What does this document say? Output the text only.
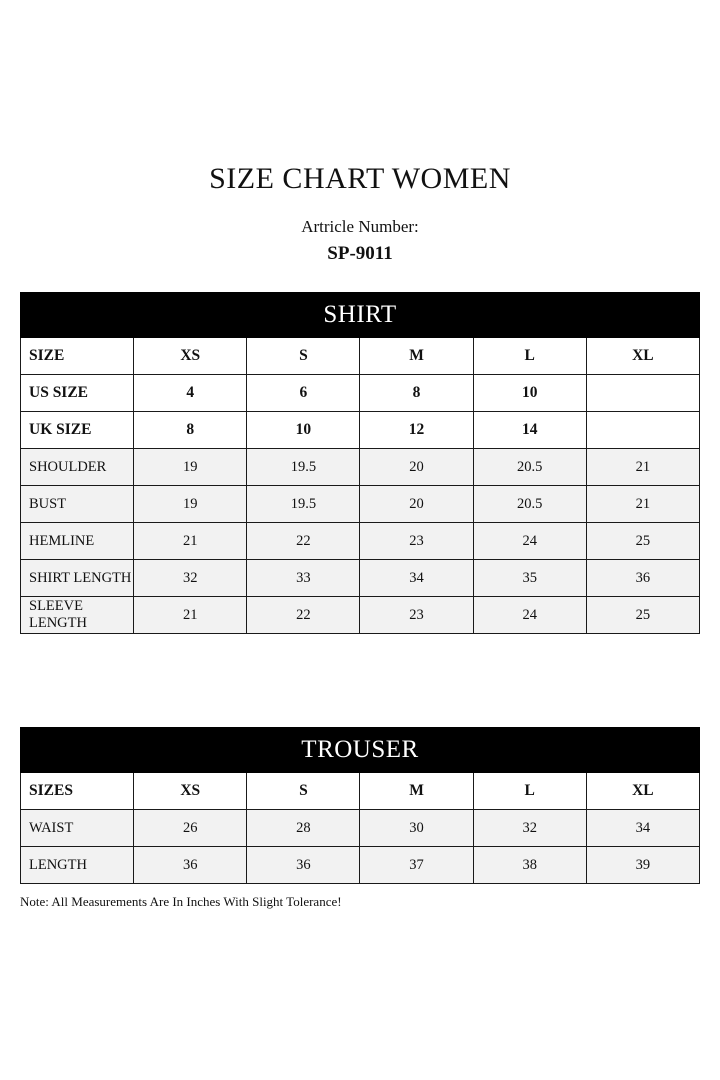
SIZE CHART WOMEN
Artricle Number:
SP-9011
SHIRT					
SIZE	XS	S	M	L	XL
US SIZE	4	6	8	10	
UK SIZE	8	10	12	14	
SHOULDER	19	19.5	20	20.5	21
BUST	19	19.5	20	20.5	21
HEMLINE	21	22	23	24	25
SHIRT LENGTH	32	33	34	35	36
SLEEVE LENGTH	21	22	23	24	25
TROUSER					
SIZES	XS	S	M	L	XL
WAIST	26	28	30	32	34
LENGTH	36	36	37	38	39
Note: All Measurements Are In Inches With Slight Tolerance!
